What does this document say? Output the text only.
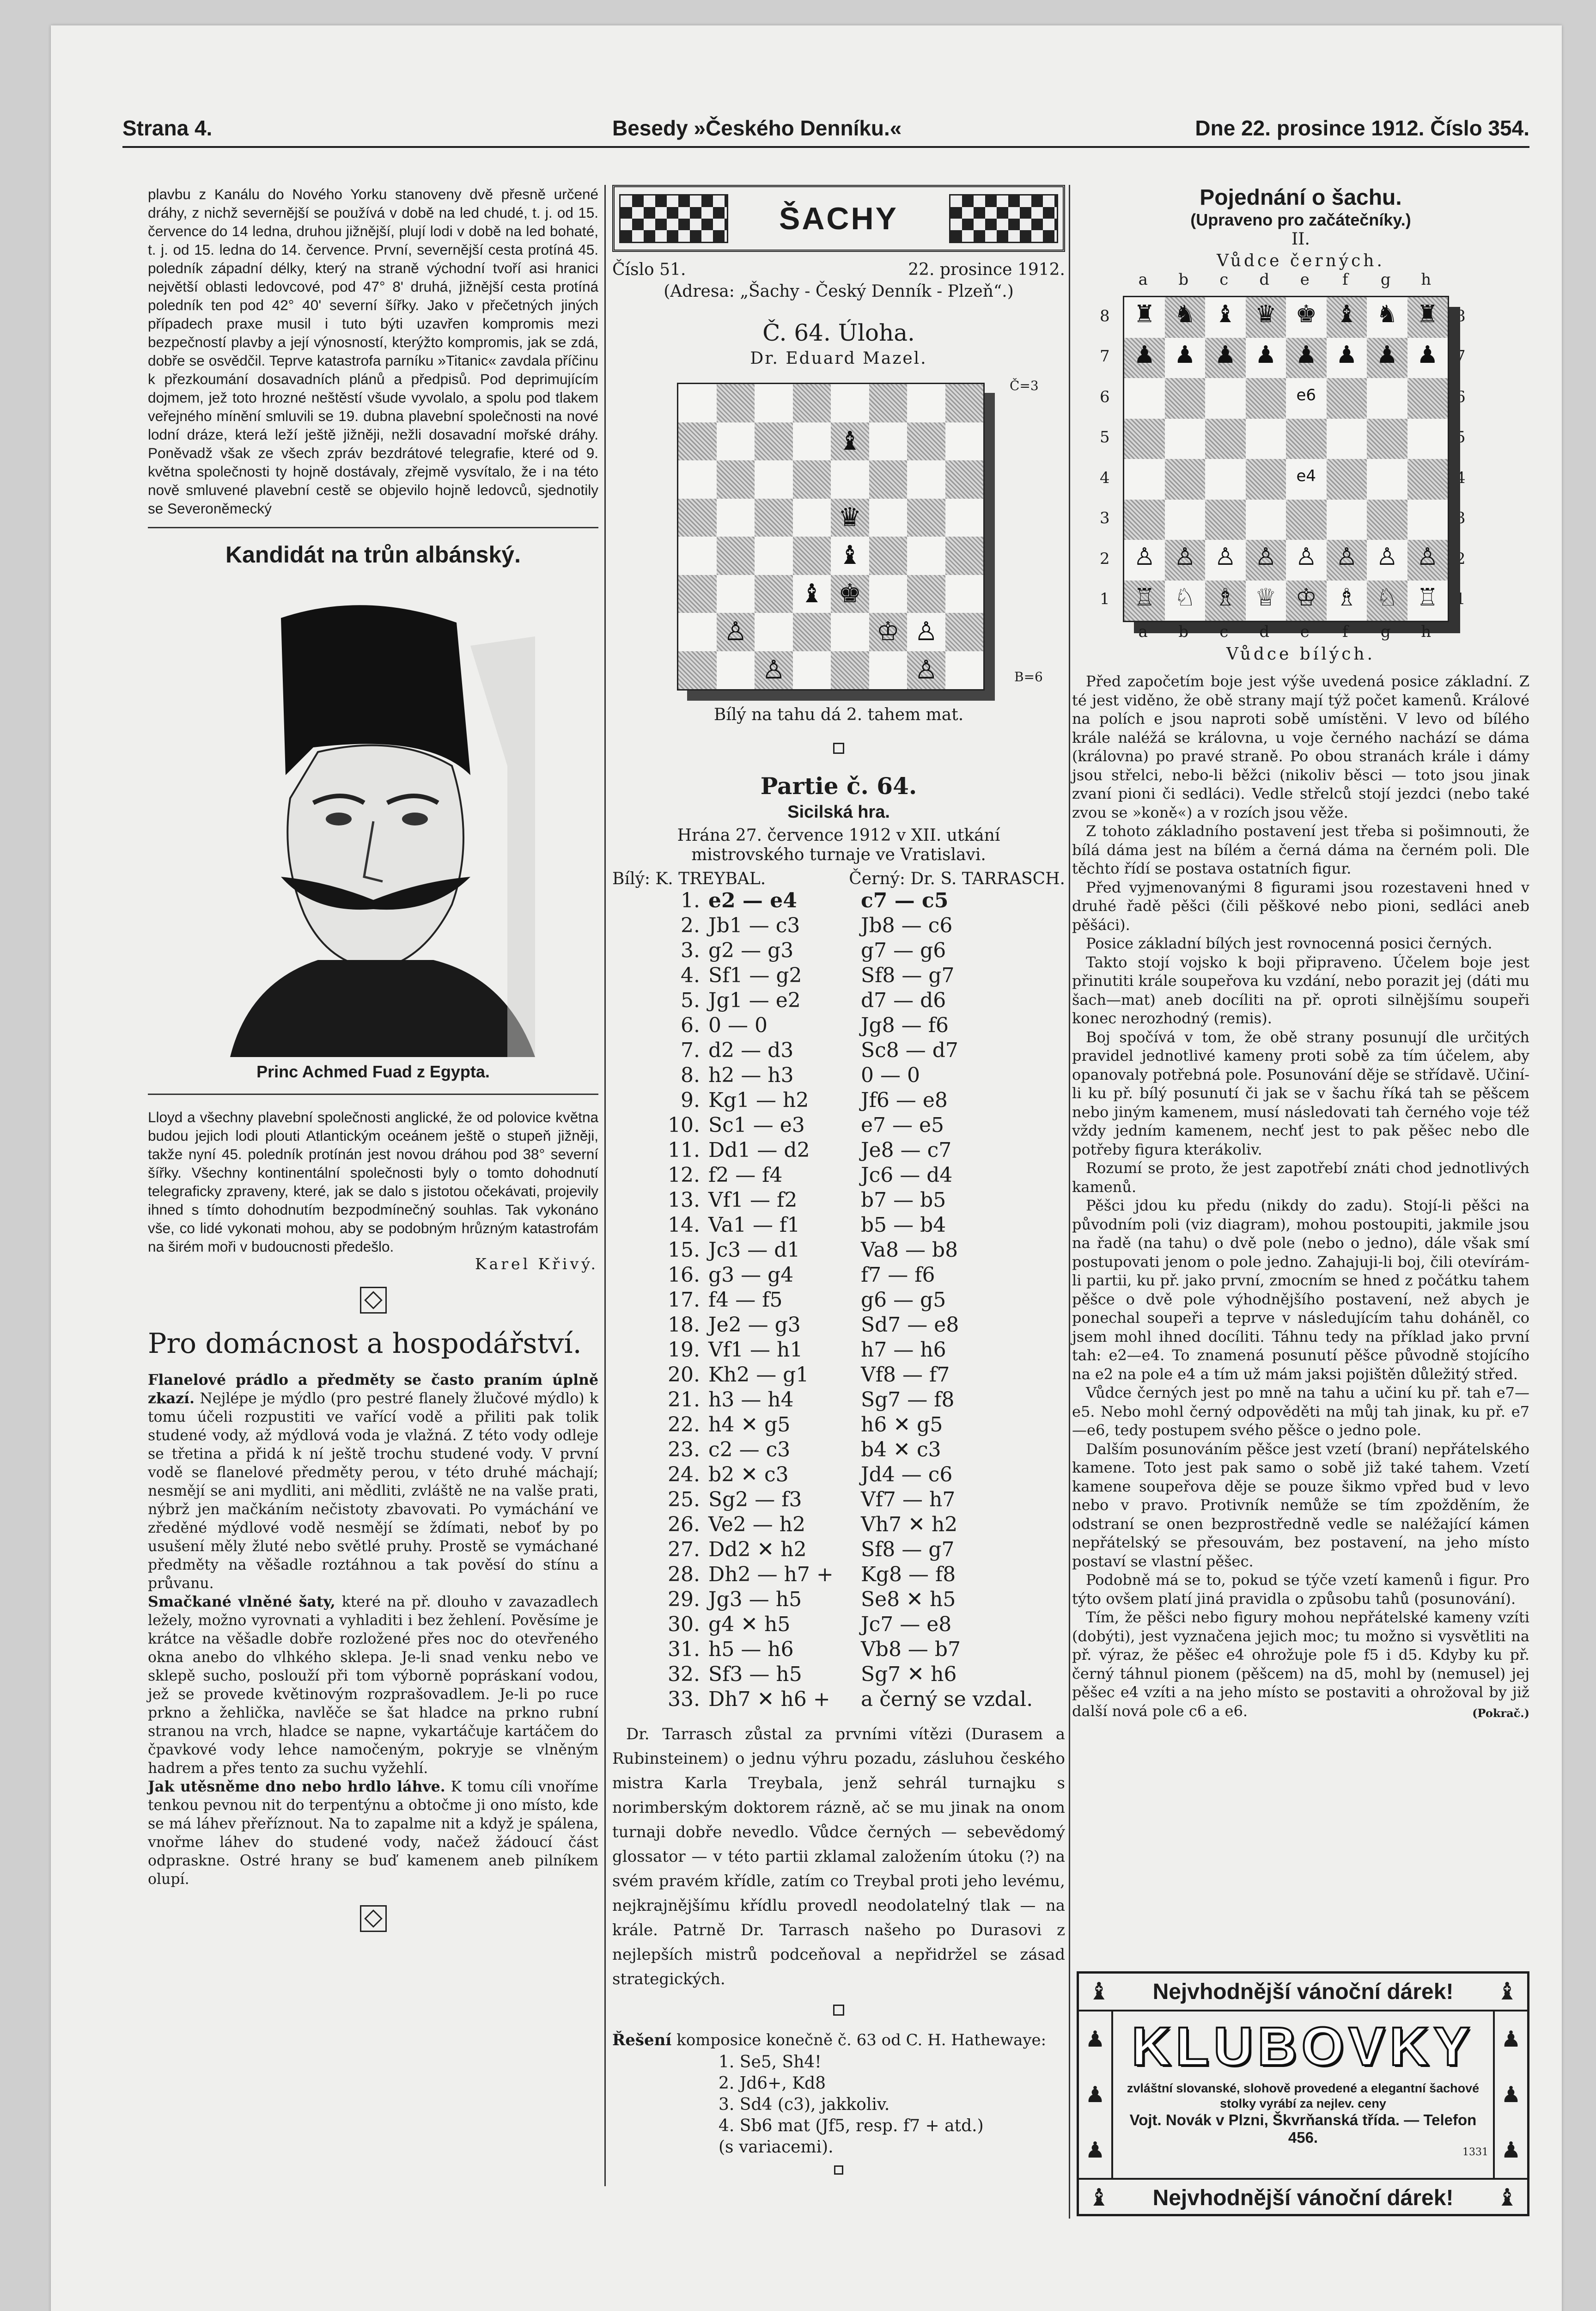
Strana 4.	Besedy »Českého Denníku.«	Dne 22. prosince 1912. Číslo 354.

plavbu z Kanálu do Nového Yorku stanoveny dvě přesně určené dráhy, z nichž severnější se používá v době na led chudé, t. j. od 15. července do 14 ledna, druhou jižnější, plují lodi v době na led bohaté, t. j. od 15. ledna do 14. července. První, severnější cesta protíná 45. poledník západní délky, který na straně východní tvoří asi hranici největší oblasti ledovcové, pod 47° 8' druhá, jižnější cesta protíná poledník ten pod 42° 40' severní šířky. Jako v přečetných jiných případech praxe musil i tuto býti uzavřen kompromis mezi bezpečností plavby a její výnosností, kterýžto kompromis, jak se zdá, dobře se osvědčil. Teprve katastrofa parníku »Titanic« zavdala příčinu k přezkoumání dosavadních plánů a předpisů. Pod deprimujícím dojmem, jež toto hrozné neštěstí všude vyvolalo, a spolu pod tlakem veřejného mínění smluvili se 19. dubna plavební společnosti na nové lodní dráze, která leží ještě jižněji, nežli dosavadní mořské dráhy. Poněvadž však ze všech zpráv bezdrátové telegrafie, které od 9. května společnosti ty hojně dostávaly, zřejmě vysvítalo, že i na této nově smluvené plavební cestě se objevilo hojně ledovců, sjednotily se Severoněmecký

Kandidát na trůn albánský.
Princ Achmed Fuad z Egypta.

Lloyd a všechny plavební společnosti anglické, že od polovice května budou jejich lodi plouti Atlantickým oceánem ještě o stupeň jižněji, takže nyní 45. poledník protínán jest novou dráhou pod 38° severní šířky. Všechny kontinentální společnosti byly o tomto dohodnutí telegraficky zpraveny, které, jak se dalo s jistotou očekávati, projevily ihned s tímto dohodnutím bezpodmínečný souhlas. Tak vykonáno vše, co lidé vykonati mohou, aby se podobným hrůzným katastrofám na širém moři v budoucnosti předešlo.

Karel Křivý.
Pro domácnost a hospodářství.

Flanelové prádlo a předměty se často praním úplně zkazí. Nejlépe je mýdlo (pro pestré flanely žlučové mýdlo) k tomu účeli rozpustiti ve vařící vodě a přiliti pak tolik studené vody, až mýdlová voda je vlažná. Z této vody odleje se třetina a přidá k ní ještě trochu studené vody. V první vodě se flanelové předměty perou, v této druhé máchají; nesmějí se ani mydliti, ani mědliti, zvláště ne na valše prati, nýbrž jen mačkáním nečistoty zbavovati. Po vymáchání ve zředěné mýdlové vodě nesmějí se ždímati, neboť by po usušení měly žluté nebo světlé pruhy. Prostě se vymáchané předměty na věšadle roztáhnou a tak pověsí do stínu a průvanu.

Smačkané vlněné šaty, které na př. dlouho v zavazadlech ležely, možno vyrovnati a vyhladiti i bez žehlení. Pověsíme je krátce na věšadle dobře rozložené přes noc do otevřeného okna anebo do vlhkého sklepa. Je-li snad venku nebo ve sklepě sucho, poslouží při tom výborně popráskaní vodou, jež se provede květinovým rozprašovadlem. Je-li po ruce prkno a žehlička, navlěče se šat hladce na prkno rubní stranou na vrch, hladce se napne, vykartáčuje kartáčem do čpavkové vody lehce namočeným, pokryje se vlněným hadrem a přes tento za suchu vyžehlí.

Jak utěsněme dno nebo hrdlo láhve. K tomu cíli vnoříme tenkou pevnou nit do terpentýnu a obtočme ji ono místo, kde se má láhev přeříznout. Na to zapalme nit a když je spálena, vnořme láhev do studené vody, načež žádoucí část odpraskne. Ostré hrany se buď kamenem aneb pilníkem olupí.

ŠACHY
Číslo 51.	22. prosince 1912.
(Adresa: „Šachy - Český Denník - Plzeň“.)
Č. 64. Úloha.
Dr. Eduard Mazel.
♝
♛
♝
♝ ♚
♙	♔ ♙
♙	♙
Č=3
B=6
Bílý na tahu dá 2. tahem mat.
Partie č. 64.
Sicilská hra.
Hrána 27. července 1912 v XII. utkání mistrovského turnaje ve Vratislavi.
Bílý: K. TREYBAL.	Černý: Dr. S. TARRASCH.
1.	e2 — e4	c7 — c5
2.	Jb1 — c3	Jb8 — c6
3.	g2 — g3	g7 — g6
4.	Sf1 — g2	Sf8 — g7
5.	Jg1 — e2	d7 — d6
6.	0 — 0	Jg8 — f6
7.	d2 — d3	Sc8 — d7
8.	h2 — h3	0 — 0
9.	Kg1 — h2	Jf6 — e8
10.	Sc1 — e3	e7 — e5
11.	Dd1 — d2	Je8 — c7
12.	f2 — f4	Jc6 — d4
13.	Vf1 — f2	b7 — b5
14.	Va1 — f1	b5 — b4
15.	Jc3 — d1	Va8 — b8
16.	g3 — g4	f7 — f6
17.	f4 — f5	g6 — g5
18.	Je2 — g3	Sd7 — e8
19.	Vf1 — h1	h7 — h6
20.	Kh2 — g1	Vf8 — f7
21.	h3 — h4	Sg7 — f8
22.	h4 ✕ g5	h6 ✕ g5
23.	c2 — c3	b4 ✕ c3
24.	b2 ✕ c3	Jd4 — c6
25.	Sg2 — f3	Vf7 — h7
26.	Ve2 — h2	Vh7 ✕ h2
27.	Dd2 ✕ h2	Sf8 — g7
28.	Dh2 — h7 +	Kg8 — f8
29.	Jg3 — h5	Se8 ✕ h5
30.	g4 ✕ h5	Jc7 — e8
31.	h5 — h6	Vb8 — b7
32.	Sf3 — h5	Sg7 ✕ h6
33.	Dh7 ✕ h6 +	a černý se vzdal.

Dr. Tarrasch zůstal za prvními vítězi (Durasem a Rubinsteinem) o jednu výhru pozadu, zásluhou českého mistra Karla Treybala, jenž sehrál turnajku s norimberským doktorem rázně, ač se mu jinak na onom turnaji dobře nevedlo. Vůdce černých — sebevědomý glossator — v této partii zklamal založením útoku (?) na svém pravém křídle, zatím co Treybal proti jeho levému, nejkrajnějšímu křídlu provedl neodolatelný tlak — na krále. Patrně Dr. Tarrasch našeho po Durasovi z nejlepších mistrů podceňoval a nepřidržel se zásad strategických.

Řešení komposice konečně č. 63 od C. H. Hathewaye:

1. Se5, Sh4!
2. Jd6+, Kd8
3. Sd4 (c3), jakkoliv.
4. Sb6 mat (Jf5, resp. f7 + atd.)
(s variacemi).
Pojednání o šachu.
(Upraveno pro začátečníky.)
II.
Vůdce černých.
a	b	c	d	e	f	g	h
8
7
6
5
4
3
2
1
8
7
6
5
4
3
2
1
♜ ♞ ♝ ♛ ♚ ♝ ♞ ♜
♟ ♟ ♟ ♟ ♟ ♟ ♟ ♟
e6
e4
♙ ♙ ♙ ♙ ♙ ♙ ♙ ♙
♖ ♘ ♗ ♕ ♔ ♗ ♘ ♖
a	b	c	d	e	f	g	h
Vůdce bílých.

Před započetím boje jest výše uvedená posice základní. Z té jest viděno, že obě strany mají týž počet kamenů. Králové na polích e jsou naproti sobě umístěni. V levo od bílého krále naléžá se královna, u voje černého nachází se dáma (královna) po pravé straně. Po obou stranách krále i dámy jsou střelci, nebo-li běžci (nikoliv běsci — toto jsou jinak zvaní pioni či sedláci). Vedle střelců stojí jezdci (nebo také zvou se »koně«) a v rozích jsou věže.

Z tohoto základního postavení jest třeba si pošimnouti, že bílá dáma jest na bílém a černá dáma na černém poli. Dle těchto řídí se postava ostatních figur.

Před vyjmenovanými 8 figurami jsou rozestaveni hned v druhé řadě pěšci (čili pěškové nebo pioni, sedláci aneb pěšáci).

Posice základní bílých jest rovnocenná posici černých.

Takto stojí vojsko k boji připraveno. Účelem boje jest přinutiti krále soupeřova ku vzdání, nebo porazit jej (dáti mu šach—mat) aneb docíliti na př. oproti silnějšímu soupeři konec nerozhodný (remis).

Boj spočívá v tom, že obě strany posunují dle určitých pravidel jednotlivé kameny proti sobě za tím účelem, aby opanovaly potřebná pole. Posunování děje se střídavě. Učiní-li ku př. bílý posunutí či jak se v šachu říká tah se pěšcem nebo jiným kamenem, musí následovati tah černého voje též vždy jedním kamenem, nechť jest to pak pěšec nebo dle potřeby figura kterákoliv.

Rozumí se proto, že jest zapotřebí znáti chod jednotlivých kamenů.

Pěšci jdou ku předu (nikdy do zadu). Stojí-li pěšci na původním poli (viz diagram), mohou postoupiti, jakmile jsou na řadě (na tahu) o dvě pole (nebo o jedno), dále však smí postupovati jenom o pole jedno. Zahajuji-li boj, čili otevírám-li partii, ku př. jako první, zmocním se hned z počátku tahem pěšce o dvě pole výhodnějšího postavení, než abych je ponechal soupeři a teprve v následujícím tahu doháněl, co jsem mohl ihned docíliti. Táhnu tedy na příklad jako první tah: e2—e4. To znamená posunutí pěšce původně stojícího na e2 na pole e4 a tím už mám jaksi pojištěn důležitý střed.

Vůdce černých jest po mně na tahu a učiní ku př. tah e7—e5. Nebo mohl černý odpověděti na můj tah jinak, ku př. e7—e6, tedy postupem svého pěšce o jedno pole.

Dalším posunováním pěšce jest vzetí (braní) nepřátelského kamene. Toto jest pak samo o sobě již také tahem. Vzetí kamene soupeřova děje se pouze šikmo vpřed bud v levo nebo v pravo. Protivník nemůže se tím zpožděním, že odstraní se onen bezprostředně vedle se naléžající kámen nepřátelský se přesouvám, bez postavení, na jeho místo postaví se vlastní pěšec.

Podobně má se to, pokud se týče vzetí kamenů i figur. Pro týto ovšem platí jiná pravidla o způsobu tahů (posunování).

Tím, že pěšci nebo figury mohou nepřátelské kameny vzíti (dobýti), jest vyznačena jejich moc; tu možno si vysvětliti na př. výraz, že pěšec e4 ohrožuje pole f5 i d5. Kdyby ku př. černý táhnul pionem (pěšcem) na d5, mohl by (nemusel) jej pěšec e4 vzíti a na jeho místo se postaviti a ohrožoval by již další nová pole c6 a e6.	(Pokrač.)
♝ Nejvhodnější vánoční dárek! ♝
♟
♟
♟
KLUBOVKY
zvláštní slovanské, slohově provedené a elegantní šachové stolky vyrábí za nejlev. ceny
Vojt. Novák v Plzni, Škvrňanská třída. — Telefon 456.
1331
♟
♟
♟
♝ Nejvhodnější vánoční dárek! ♝
